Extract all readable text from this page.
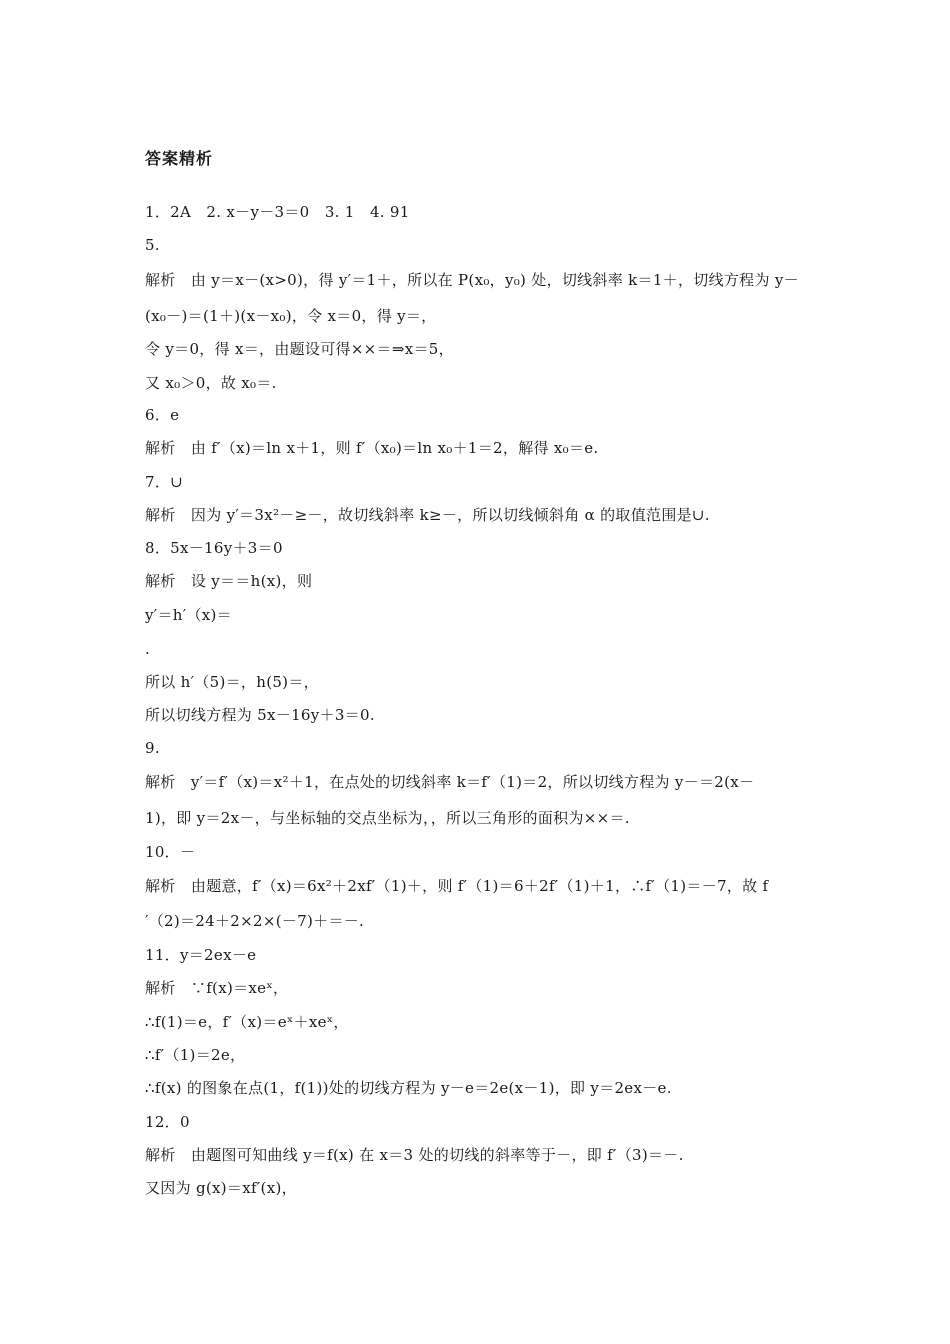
答案精析
1．2A　2. x－y－3＝0　3. 1　4. 91
5.
解析　由 y＝x－(x>0)，得 y′＝1＋，所以在 P(x₀，y₀) 处，切线斜率 k＝1＋，切线方程为 y－
(x₀－)＝(1＋)(x－x₀)，令 x＝0，得 y＝，
令 y＝0，得 x＝，由题设可得××＝⇒x＝5，
又 x₀＞0，故 x₀＝.
6．e
解析　由 f′（x)＝ln x＋1，则 f′（x₀)＝ln x₀＋1＝2，解得 x₀＝e.
7．∪
解析　因为 y′＝3x²－≥－，故切线斜率 k≥－，所以切线倾斜角 α 的取值范围是∪.
8．5x－16y＋3＝0
解析　设 y＝＝h(x)，则
y′＝h′（x)＝
.
所以 h′（5)＝，h(5)＝，
所以切线方程为 5x－16y＋3＝0.
9.
解析　y′＝f′（x)＝x²＋1，在点处的切线斜率 k＝f′（1)＝2，所以切线方程为 y－＝2(x－
1)，即 y＝2x－，与坐标轴的交点坐标为，，所以三角形的面积为××＝.
10．－
解析　由题意，f′（x)＝6x²＋2xf′（1)＋，则 f′（1)＝6＋2f′（1)＋1，∴f′（1)＝－7，故 f
′（2)＝24＋2×2×(－7)＋＝－.
11．y＝2ex－e
解析　∵f(x)＝xeˣ，
∴f(1)＝e，f′（x)＝eˣ＋xeˣ，
∴f′（1)＝2e，
∴f(x) 的图象在点(1，f(1))处的切线方程为 y－e＝2e(x－1)，即 y＝2ex－e.
12．0
解析　由题图可知曲线 y＝f(x) 在 x＝3 处的切线的斜率等于－，即 f′（3)＝－.
又因为 g(x)＝xf′(x)，
